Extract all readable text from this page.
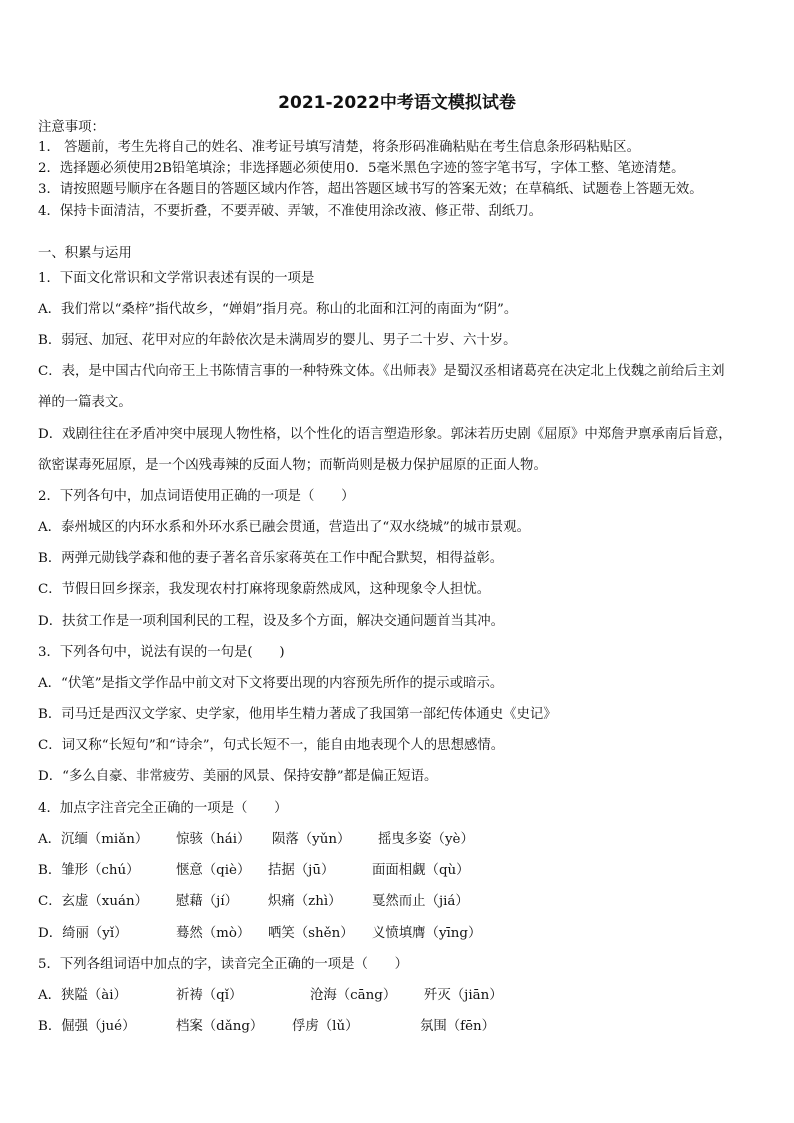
2021-2022中考语文模拟试卷
注意事项：
1． 答题前，考生先将自己的姓名、准考证号填写清楚，将条形码准确粘贴在考生信息条形码粘贴区。
2．选择题必须使用2B铅笔填涂；非选择题必须使用0．5毫米黑色字迹的签字笔书写，字体工整、笔迹清楚。
3．请按照题号顺序在各题目的答题区域内作答，超出答题区域书写的答案无效；在草稿纸、试题卷上答题无效。
4．保持卡面清洁，不要折叠，不要弄破、弄皱，不准使用涂改液、修正带、刮纸刀。
一、积累与运用
1．下面文化常识和文学常识表述有误的一项是
A．我们常以“桑梓”指代故乡，“婵娟”指月亮。称山的北面和江河的南面为“阴”。
B．弱冠、加冠、花甲对应的年龄依次是未满周岁的婴儿、男子二十岁、六十岁。
C．表，是中国古代向帝王上书陈情言事的一种特殊文体。《出师表》是蜀汉丞相诸葛亮在决定北上伐魏之前给后主刘
禅的一篇表文。
D．戏剧往往在矛盾冲突中展现人物性格，以个性化的语言塑造形象。郭沫若历史剧《屈原》中郑詹尹禀承南后旨意，
欲密谋毒死屈原，是一个凶残毒辣的反面人物；而靳尚则是极力保护屈原的正面人物。
2．下列各句中，加点词语使用正确的一项是（　　）
A．泰州城区的内环水系和外环水系已融会贯通，营造出了“双水绕城”的城市景观。
B．两弹元勋钱学森和他的妻子著名音乐家蒋英在工作中配合默契，相得益彰。
C．节假日回乡探亲，我发现农村打麻将现象蔚然成风，这种现象令人担忧。
D．扶贫工作是一项利国利民的工程，设及多个方面，解决交通问题首当其冲。
3．下列各句中，说法有误的一句是(　　)
A．“伏笔”是指文学作品中前文对下文将要出现的内容预先所作的提示或暗示。
B．司马迁是西汉文学家、史学家，他用毕生精力著成了我国第一部纪传体通史《史记》
C．词又称“长短句”和“诗余”，句式长短不一，能自由地表现个人的思想感情。
D．“多么自豪、非常疲劳、美丽的风景、保持安静”都是偏正短语。
4．加点字注音完全正确的一项是（　　）
A．沉缅（miǎn） 惊骇（hái） 陨落（yǔn） 摇曳多姿（yè）
B．雏形（chú）	惬意（qiè） 拮据（jū）	面面相觑（qù）
C．玄虚（xuán） 慰藉（jí） 炽痛（zhì） 戛然而止（jiá）
D．绮丽（yǐ）	蓦然（mò） 哂笑（shěn） 义愤填膺（yīng）
5．下列各组词语中加点的字，读音完全正确的一项是（　　）
A．狭隘（ài）	祈祷（qǐ）	沧海（cāng） 歼灭（jiān）
B．倔强（jué）	档案（dǎng） 俘虏（lǔ）	氛围（fēn）
